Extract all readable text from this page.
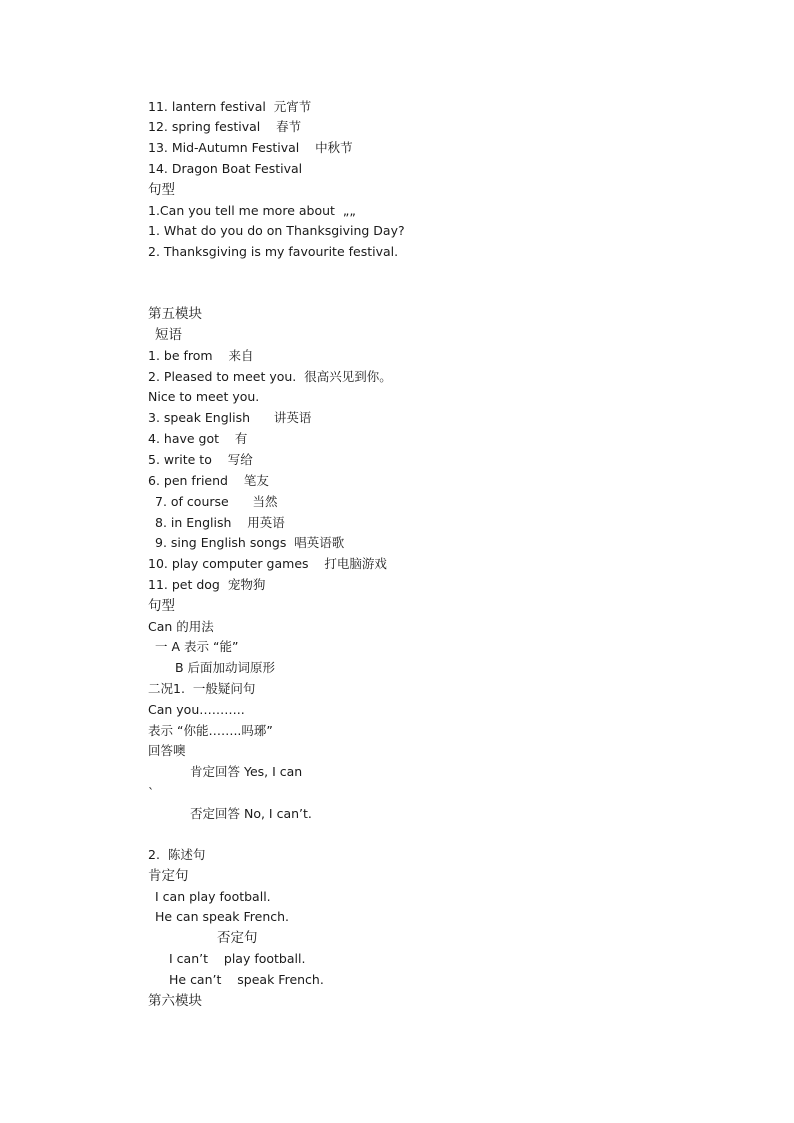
11. lantern festival  元宵节
12. spring festival    春节
13. Mid-Autumn Festival    中秋节
14. Dragon Boat Festival
句型
1.Can you tell me more about  „„
1. What do you do on Thanksgiving Day?
2. Thanksgiving is my favourite festival.
第五模块
短语
1. be from    来自
2. Pleased to meet you.  很高兴见到你。
Nice to meet you.
3. speak English      讲英语
4. have got    有
5. write to    写给
6. pen friend    笔友
7. of course      当然
8. in English    用英语
9. sing English songs  唱英语歌
10. play computer games    打电脑游戏
11. pet dog  宠物狗
句型
Can 的用法
一 A 表示 “能”
B 后面加动词原形
二况1.  一般疑问句
Can you………..
表示 “你能……..吗琊”
回答噢
肯定回答 Yes, I can
`
否定回答 No, I can’t.
2.  陈述句
肯定句
I can play football.
He can speak French.
否定句
I can’t    play football.
He can’t    speak French.
第六模块
